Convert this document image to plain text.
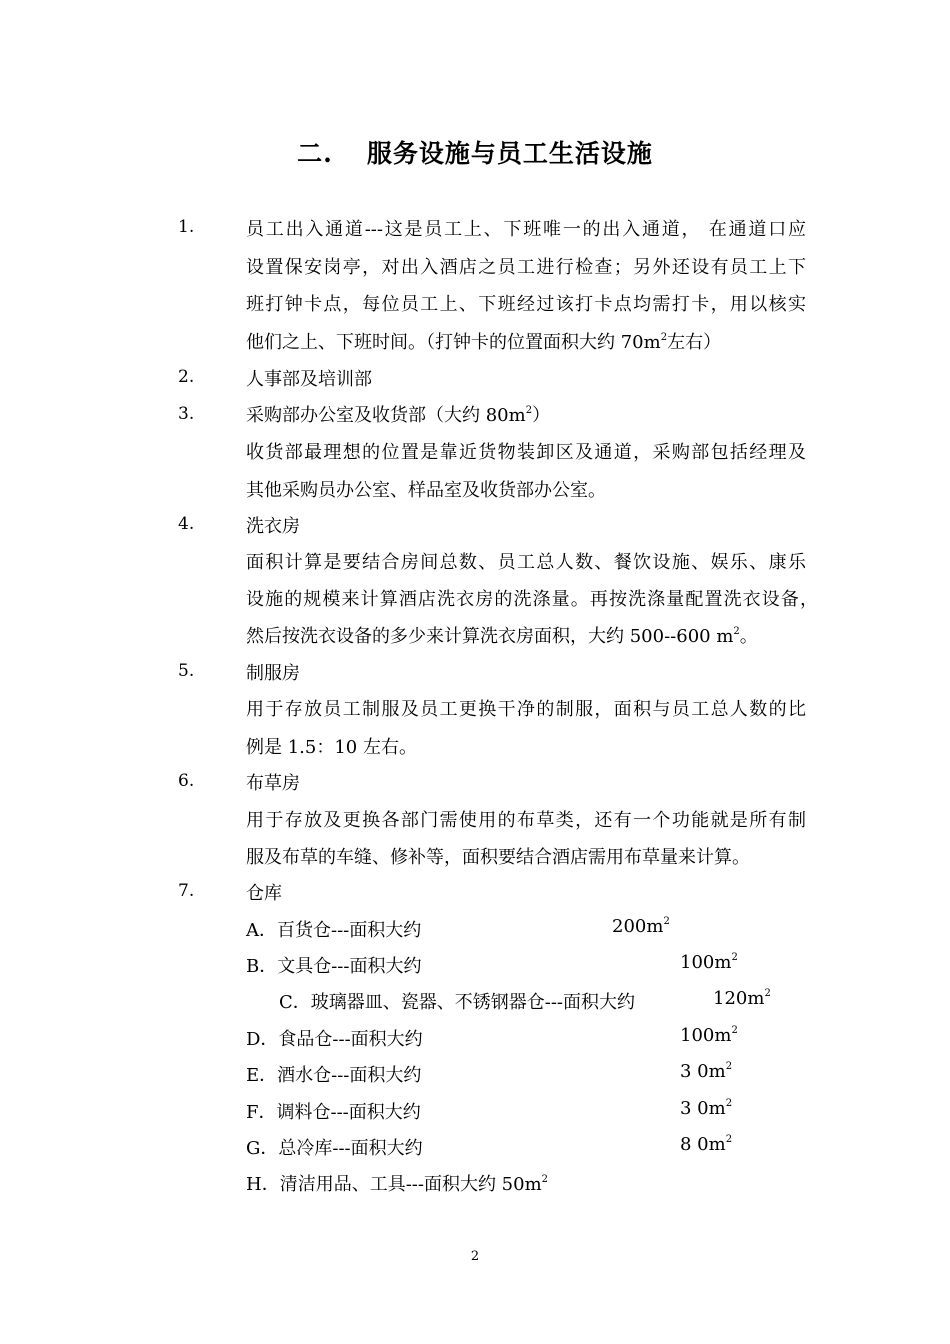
二. 服务设施与员工生活设施
1.	员工出入通道---这是员工上、下班唯一的出入通道， 在通道口应
设置保安岗亭，对出入酒店之员工进行检查；另外还设有员工上下
班打钟卡点，每位员工上、下班经过该打卡点均需打卡，用以核实
他们之上、下班时间。（打钟卡的位置面积大约 $70m^2$左右）
2.	人事部及培训部
3.	采购部办公室及收货部（大约 $80m^2$）
收货部最理想的位置是靠近货物装卸区及通道，采购部包括经理及
其他采购员办公室、样品室及收货部办公室。
4.	洗衣房
面积计算是要结合房间总数、员工总人数、餐饮设施、娱乐、康乐
设施的规模来计算酒店洗衣房的洗涤量。再按洗涤量配置洗衣设备，
然后按洗衣设备的多少来计算洗衣房面积，大约 500--600 $m^2$。
5.	制服房
用于存放员工制服及员工更换干净的制服，面积与员工总人数的比
例是 1.5：10 左右。
6.	布草房
用于存放及更换各部门需使用的布草类，还有一个功能就是所有制
服及布草的车缝、修补等，面积要结合酒店需用布草量来计算。
7.	仓库
A．百货仓---面积大约	$200m^2$
B．文具仓---面积大约	$100m^2$
C．玻璃器皿、瓷器、不锈钢器仓---面积大约	$120m^2$
D．食品仓---面积大约	$100m^2$
E．酒水仓---面积大约	3 $0m^2$
F．调料仓---面积大约	3 $0m^2$
G．总冷库---面积大约	8 $0m^2$
H．清洁用品、工具---面积大约 $50m^2$
2
